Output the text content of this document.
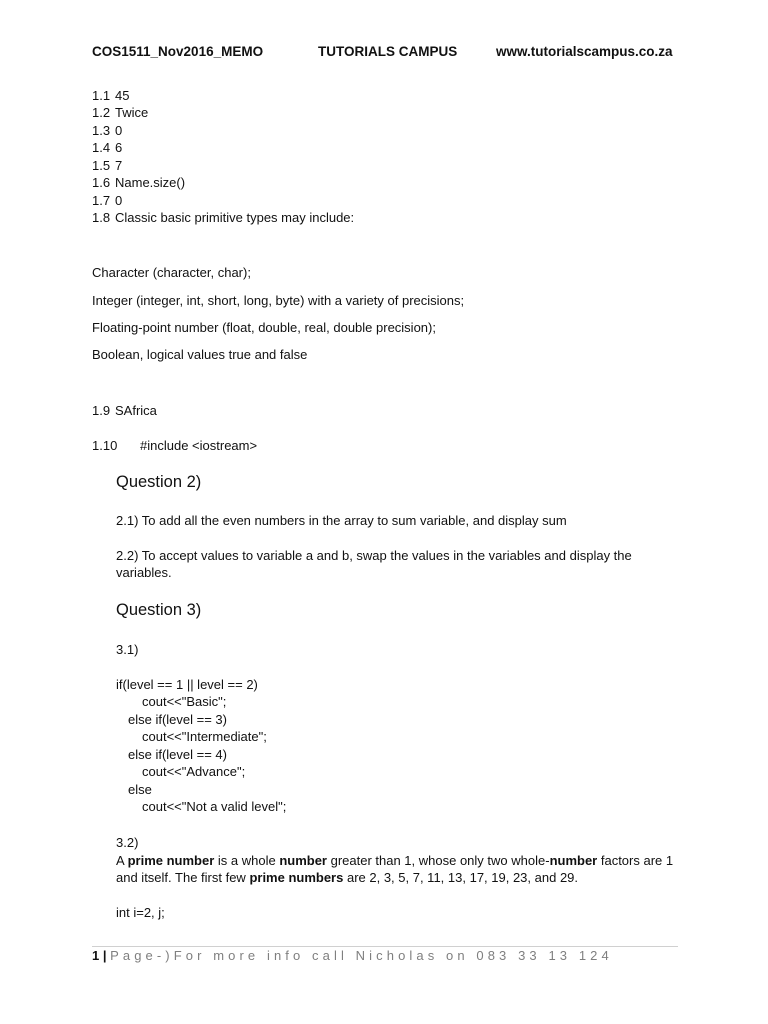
COS1511_Nov2016_MEMO	TUTORIALS CAMPUS	www.tutorialscampus.co.za
1.1 45
1.2 Twice
1.3 0
1.4 6
1.5 7
1.6 Name.size()
1.7 0
1.8 Classic basic primitive types may include:
Character (character, char);
Integer (integer, int, short, long, byte) with a variety of precisions;
Floating-point number (float, double, real, double precision);
Boolean, logical values true and false
1.9 SAfrica
1.10 #include <iostream>
Question 2)
2.1) To add all the even numbers in the array to sum variable, and display sum
2.2) To accept values to variable a and b, swap the values in the variables and display the variables.
Question 3)
3.1)
if(level == 1 || level == 2)
cout<<"Basic";
else if(level == 3)
cout<<"Intermediate";
else if(level == 4)
cout<<"Advance";
else
cout<<"Not a valid level";
3.2)
A prime number is a whole number greater than 1, whose only two whole-number factors are 1 and itself. The first few prime numbers are 2, 3, 5, 7, 11, 13, 17, 19, 23, and 29.
int i=2, j;
1 | Page-)For more info call Nicholas on 083 33 13 124
